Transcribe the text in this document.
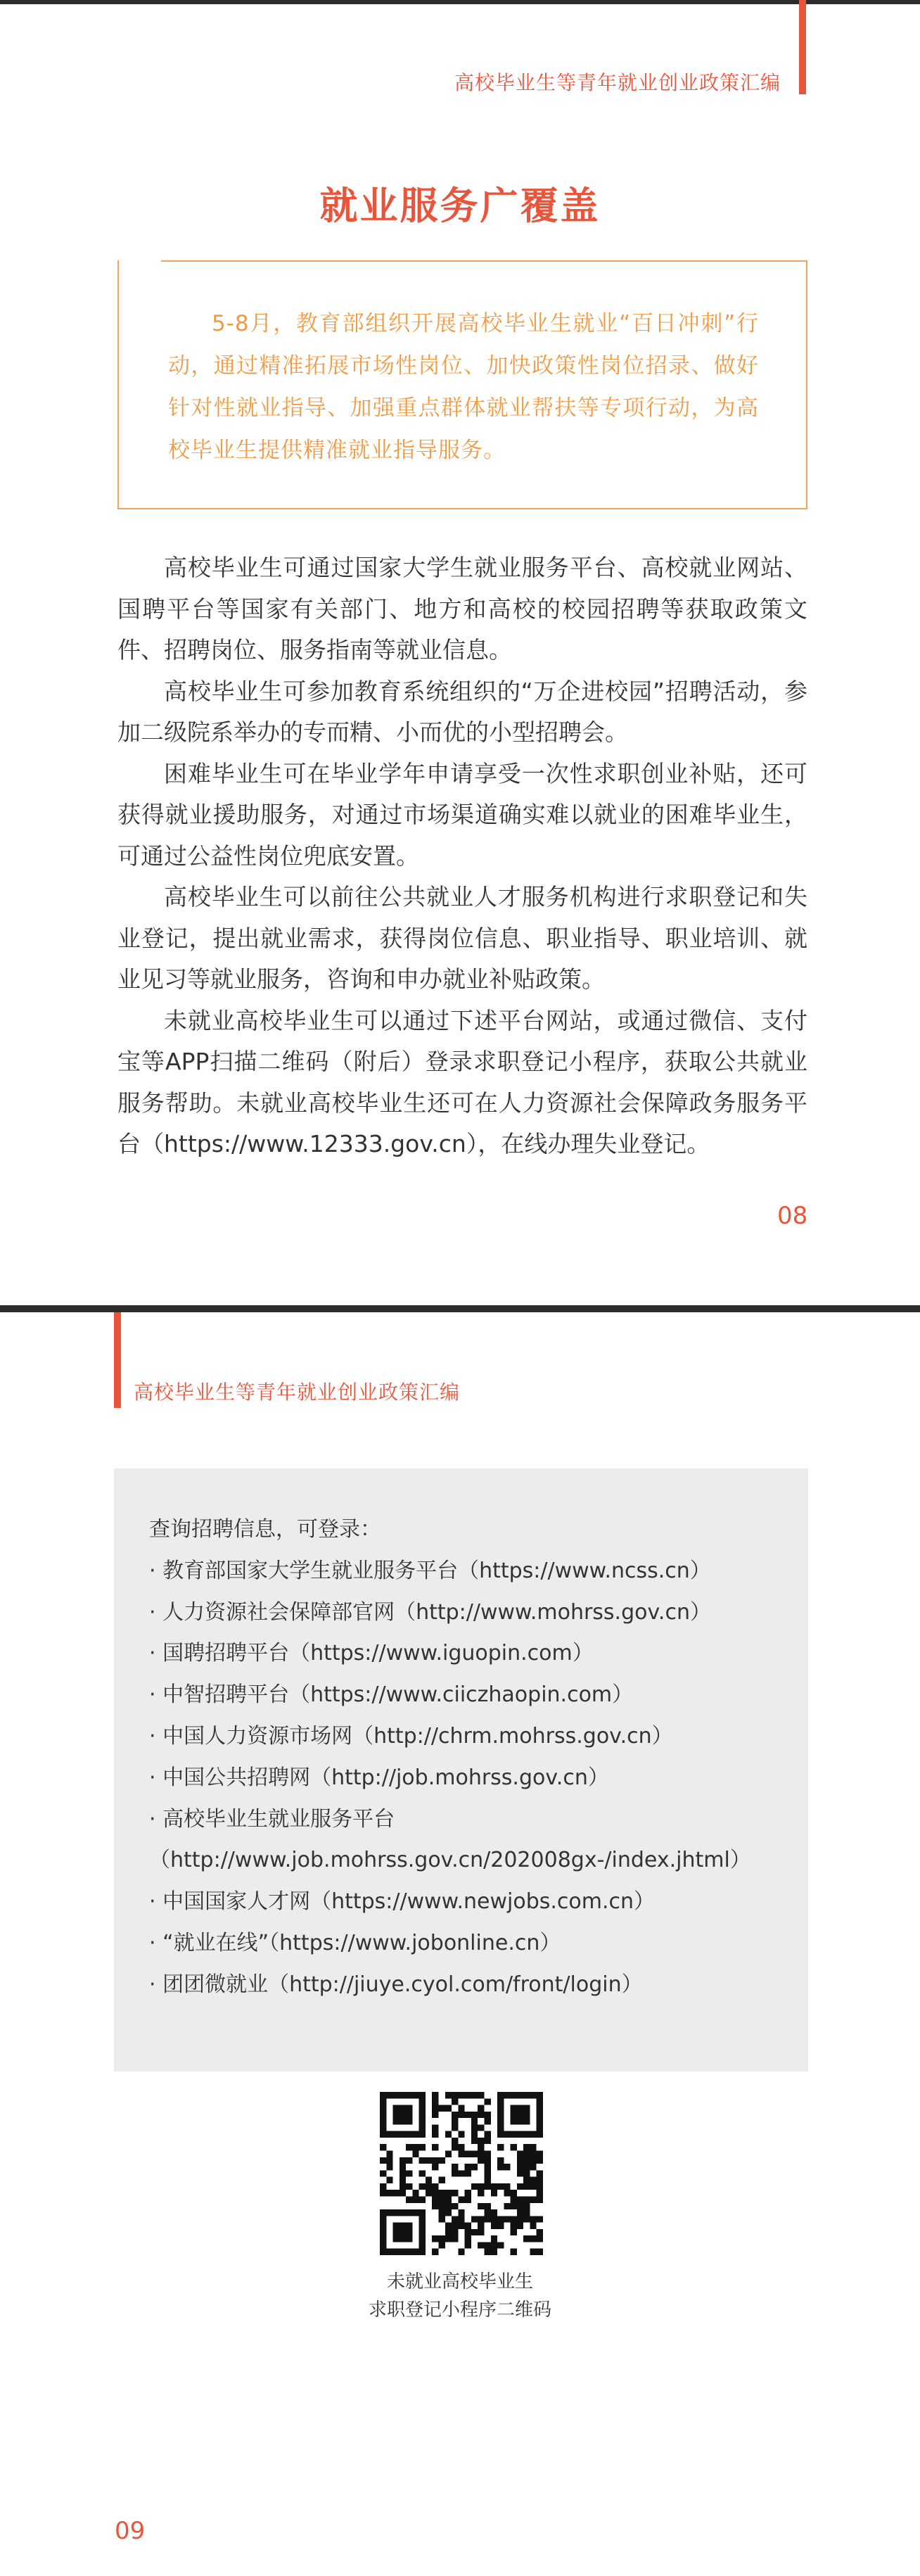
高校毕业生等青年就业创业政策汇编
就业服务广覆盖
5-8月，教育部组织开展高校毕业生就业“百日冲刺”行动，通过精准拓展市场性岗位、加快政策性岗位招录、做好针对性就业指导、加强重点群体就业帮扶等专项行动，为高校毕业生提供精准就业指导服务。

高校毕业生可通过国家大学生就业服务平台、高校就业网站、国聘平台等国家有关部门、地方和高校的校园招聘等获取政策文件、招聘岗位、服务指南等就业信息。

高校毕业生可参加教育系统组织的“万企进校园”招聘活动，参加二级院系举办的专而精、小而优的小型招聘会。

困难毕业生可在毕业学年申请享受一次性求职创业补贴，还可获得就业援助服务，对通过市场渠道确实难以就业的困难毕业生，可通过公益性岗位兜底安置。

高校毕业生可以前往公共就业人才服务机构进行求职登记和失业登记，提出就业需求，获得岗位信息、职业指导、职业培训、就业见习等就业服务，咨询和申办就业补贴政策。

未就业高校毕业生可以通过下述平台网站，或通过微信、支付宝等APP扫描二维码（附后）登录求职登记小程序，获取公共就业服务帮助。未就业高校毕业生还可在人力资源社会保障政务服务平台（https://www.12333.gov.cn），在线办理失业登记。

08
高校毕业生等青年就业创业政策汇编
查询招聘信息，可登录：
· 教育部国家大学生就业服务平台（https://www.ncss.cn）
· 人力资源社会保障部官网（http://www.mohrss.gov.cn）
· 国聘招聘平台（https://www.iguopin.com）
· 中智招聘平台（https://www.ciiczhaopin.com）
· 中国人力资源市场网（http://chrm.mohrss.gov.cn）
· 中国公共招聘网（http://job.mohrss.gov.cn）
· 高校毕业生就业服务平台（http://www.job.mohrss.gov.cn/202008gx-/index.jhtml）
· 中国国家人才网（https://www.newjobs.com.cn）
· “就业在线”（https://www.jobonline.cn）
· 团团微就业（http://jiuye.cyol.com/front/login）
未就业高校毕业生
求职登记小程序二维码
09
